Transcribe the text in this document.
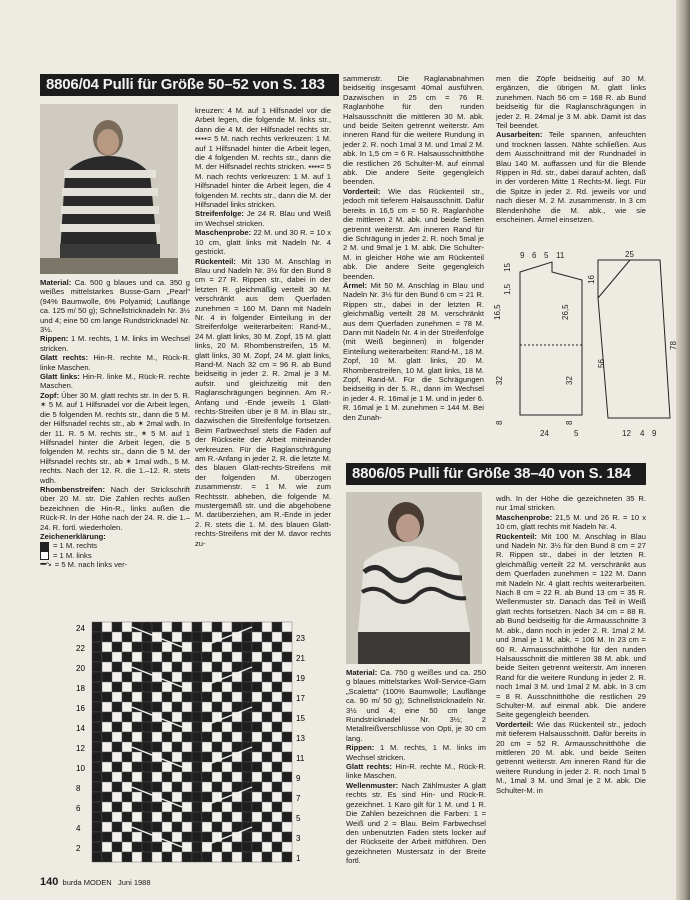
8806/04 Pulli für Größe 50–52 von S. 183

Material: Ca. 500 g blaues und ca. 350 g weißes mittelstarkes Busse-Garn „Pearl" (94% Baumwolle, 6% Polyamid; Lauflänge ca. 125 m/ 50 g); Schnellstricknadeln Nr. 3½ und 4; eine 50 cm lange Rundstricknadel Nr. 3½.

Rippen: 1 M. rechts, 1 M. links im Wechsel stricken.

Glatt rechts: Hin-R. rechte M., Rück-R. linke Maschen.

Glatt links: Hin-R. linke M., Rück-R. rechte Maschen.

Zopf: Über 30 M. glatt rechts str. In der 5. R. ✶ 5 M. auf 1 Hilfsnadel vor die Arbeit legen, die 5 folgenden M. rechts str., dann die 5 M. der Hilfsnadel rechts str., ab ✶ 2mal wdh. In der 11. R. 5 M. rechts str., ✶ 5 M. auf 1 Hilfsnadel hinter die Arbeit legen, die 5 folgenden M. rechts str., dann die 5 M. der Hilfsnadel rechts str., ab ✶ 1mal wdh., 5 M. rechts. Nach der 12. R. die 1.–12. R. stets wdh.

Rhombenstreifen: Nach der Strickschrift über 20 M. str. Die Zahlen rechts außen bezeichnen die Hin-R., links außen die Rück-R. In der Höhe nach der 24. R. die 1.–24. R. fortl. wiederholen.

Zeichenerklärung:

= 1 M. rechts
= 1 M. links
▪▪▪▪↘ = 5 M. nach links ver-

kreuzen: 4 M. auf 1 Hilfsnadel vor die Arbeit legen, die folgende M. links str., dann die 4 M. der Hilfsnadel rechts str. ▪▪▪▪= 5 M. nach rechts verkreuzen: 1 M. auf 1 Hilfsnadel hinter die Arbeit legen, die 4 folgenden M. rechts str., dann die M. der Hilfsnadel rechts stricken. ▪▪▪▪= 5 M. nach rechts verkreuzen: 1 M. auf 1 Hilfsnadel hinter die Arbeit legen, die 4 folgenden M. rechts str., dann die M. der Hilfsnadel links stricken.

Streifenfolge: Je 24 R. Blau und Weiß im Wechsel stricken.

Maschenprobe: 22 M. und 30 R. = 10 x 10 cm, glatt links mit Nadeln Nr. 4 gestrickt.

Rückenteil: Mit 130 M. Anschlag in Blau und Nadeln Nr. 3½ für den Bund 8 cm = 27 R. Rippen str., dabei in der letzten R. gleichmäßig verteilt 30 M. verschränkt aus dem Querfaden zunehmen = 160 M. Dann mit Nadeln Nr. 4 in folgender Einteilung in der Streifenfolge weiterarbeiten: Rand-M., 24 M. glatt links, 30 M. Zopf, 15 M. glatt links, 20 M. Rhombenstreifen, 15 M. glatt links, 30 M. Zopf, 24 M. glatt links, Rand-M. Nach 32 cm = 96 R. ab Bund beidseitig in jeder 2. R. 2mal je 3 M. aufstr. und gleichzeitig mit den Raglanschrägungen beginnen. Am R.-Anfang und -Ende jeweils 1 Glatt-rechts-Streifen über je 8 M. in Blau str., dazwischen die Streifenfolge fortsetzen. Beim Farbwechsel stets die Fäden auf der Rückseite der Arbeit miteinander verkreuzen. Für die Raglanschrägung am R.-Anfang in jeder 2. R. die letzte M. des blauen Glatt-rechts-Streifens mit der folgenden M. überzogen zusammenstr. = 1 M. wie zum Rechtsstr. abheben, die folgende M. mustergemäß str. und die abgehobene M. darüberziehen, am R.-Ende in jeder 2. R. stets die 1. M. des blauen Glatt-rechts-Streifens mit der M. davor rechts zu-

sammenstr. Die Raglanabnahmen beidseitig insgesamt 40mal ausführen. Dazwischen in 25 cm = 76 R. Raglanhöhe für den runden Halsausschnitt die mittleren 30 M. abk. und beide Seiten getrennt weiterstr. Am inneren Rand für die weitere Rundung in jeder 2. R. noch 1mal 3 M. und 1mal 2 M. abk. In 1,5 cm = 6 R. Halsausschnitthöhe die restlichen 26 Schulter-M. auf einmal abk. Die andere Seite gegengleich beenden.

Vorderteil: Wie das Rückenteil str., jedoch mit tieferem Halsausschnitt. Dafür bereits in 16,5 cm = 50 R. Raglanhöhe die mittleren 2 M. abk. und beide Seiten getrennt weiterstr. Am inneren Rand für die Schrägung in jeder 2. R. noch 5mal je 2 M. und 9mal je 1 M. abk. Die Schulter-M. in gleicher Höhe wie am Rückenteil abk. Die andere Seite gegengleich beenden.

Ärmel: Mit 50 M. Anschlag in Blau und Nadeln Nr. 3½ für den Bund 6 cm = 21 R. Rippen str., dabei in der letzten R. gleichmäßig verteilt 28 M. verschränkt aus dem Querfaden zunehmen = 78 M. Dann mit Nadeln Nr. 4 in der Streifenfolge (mit Weiß beginnen) in folgender Einteilung weiterarbeiten: Rand-M., 18 M. Zopf, 10 M. glatt links, 20 M. Rhombenstreifen, 10 M. glatt links, 18 M. Zopf, Rand-M. Für die Schrägungen beidseitig in der 5. R., dann im Wechsel in jeder 4. R. 16mal je 1 M. und in jeder 6. R. 16mal je 1 M. zunehmen = 144 M. Bei den Zunah-

men die Zöpfe beidseitig auf 30 M. ergänzen, die übrigen M. glatt links zunehmen. Nach 56 cm = 168 R. ab Bund beidseitig für die Raglanschrägungen in jeder 2. R. 24mal je 3 M. abk. Damit ist das Teil beendet.

Ausarbeiten: Teile spannen, anfeuchten und trocknen lassen. Nähte schließen. Aus dem Ausschnittrand mit der Rundnadel in Blau 140 M. auffassen und für die Blende Rippen in Rd. str., dabei darauf achten, daß in der vorderen Mitte 1 Rechts-M. liegt. Für die Spitze in jeder 2. Rd. jeweils vor und nach dieser M. 2 M. zusammenstr. In 3 cm Blendenhöhe die M. abk., wie sie erscheinen. Ärmel einsetzen.

9 6 5 11
16,5
1,5
26,5
15
32
8
24	5
32
8
25
16
56
78
12 4 9
8806/05 Pulli für Größe 38–40 von S. 184

Material: Ca. 750 g weißes und ca. 250 g blaues mittelstarkes Woll-Service-Garn „Scaletta" (100% Baumwolle; Lauflänge ca. 90 m/ 50 g); Schnellstricknadeln Nr. 3½ und 4; eine 50 cm lange Rundstricknadel Nr. 3½; 2 Metallreißverschlüsse von Opti, je 30 cm lang.

Rippen: 1 M. rechts, 1 M. links im Wechsel stricken.

Glatt rechts: Hin-R. rechte M., Rück-R. linke Maschen.

Wellenmuster: Nach Zählmuster A glatt rechts str. Es sind Hin- und Rück-R. gezeichnet. 1 Karo gilt für 1 M. und 1 R. Die Zahlen bezeichnen die Farben: 1 = Weiß und 2 = Blau. Beim Farbwechsel den unbenutzten Faden stets locker auf der Rückseite der Arbeit mitführen. Den gezeichneten Mustersatz in der Breite fortl.

wdh. In der Höhe die gezeichneten 35 R. nur 1mal stricken.

Maschenprobe: 21,5 M. und 26 R. = 10 x 10 cm, glatt rechts mit Nadeln Nr. 4.

Rückenteil: Mit 100 M. Anschlag in Blau und Nadeln Nr. 3½ für den Bund 8 cm = 27 R. Rippen str., dabei in der letzten R. gleichmäßig verteilt 22 M. verschränkt aus dem Querfaden zunehmen = 122 M. Dann mit Nadeln Nr. 4 glatt rechts weiterarbeiten. Nach 8 cm = 22 R. ab Bund 13 cm = 35 R. Wellenmuster str. Danach das Teil in Weiß glatt rechts fortsetzen. Nach 34 cm = 88 R. ab Bund beidseitig für die Armausschnitte 3 M. abk., dann noch in jeder 2. R. 1mal 2 M. und 3mal je 1 M. abk. = 106 M. In 23 cm = 60 R. Armausschnitthöhe für den runden Halsausschnitt die mittleren 38 M. abk. und beide Seiten getrennt weiterstr. Am inneren Rand für die weitere Rundung in jeder 2. R. noch 1mal 3 M. und 1mal 2 M. abk. In 3 cm = 8 R. Ausschnitthöhe die restlichen 29 Schulter-M. auf einmal abk. Die andere Seite gegengleich beenden.

Vorderteil: Wie das Rückenteil str., jedoch mit tieferem Halsausschnitt. Dafür bereits in 20 cm = 52 R. Armausschnitthöhe die mittleren 20 M. abk. und beide Seiten getrennt weiterstr. Am inneren Rand für die weitere Rundung in jeder 2. R. noch 1mal 5 M., 1mal 3 M. und 3mal je 2 M. abk. Die Schulter-M. in

24
22
20
18
16
14
12
10
8
6
4
2
23
21
19
17
15
13
11
9
7
5
3
1
140 burda MODEN Juni 1988
